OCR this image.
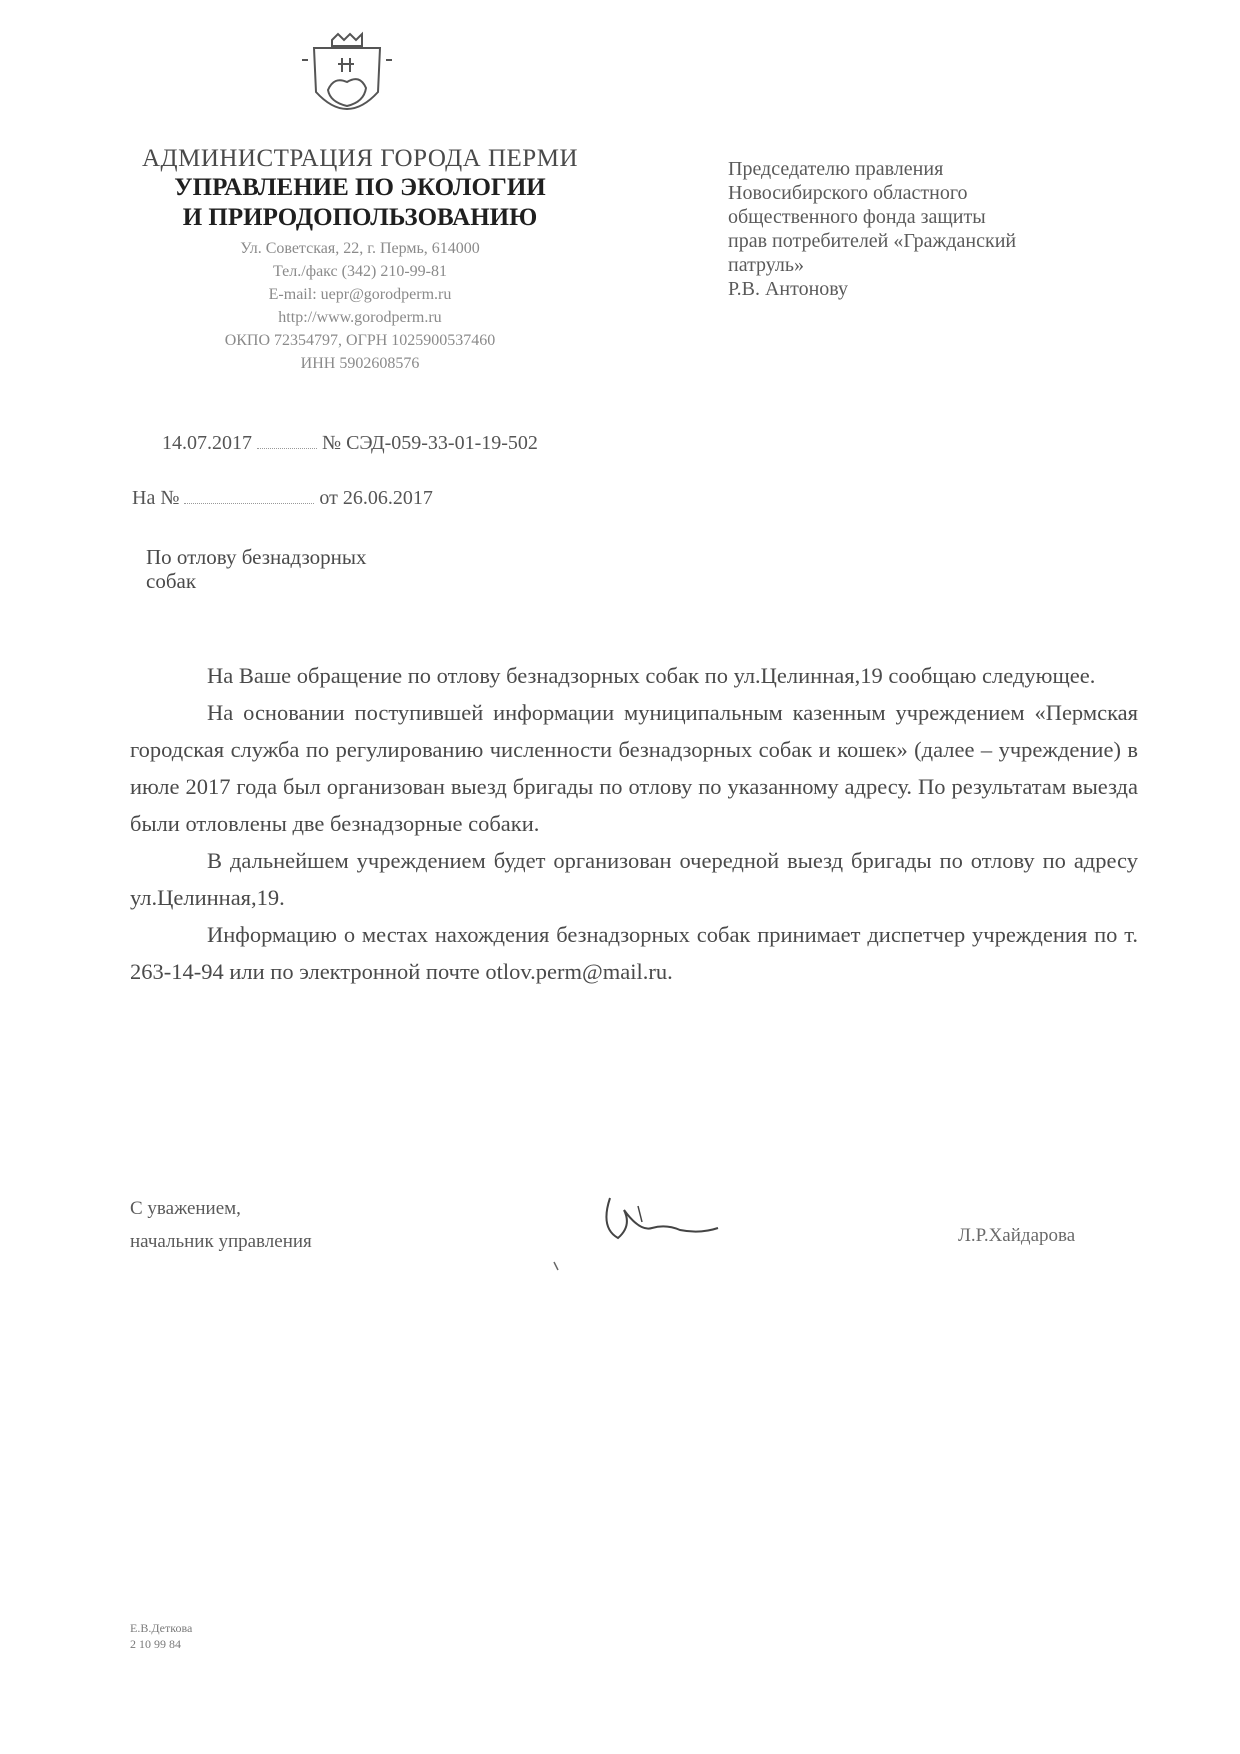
АДМИНИСТРАЦИЯ ГОРОДА ПЕРМИ
УПРАВЛЕНИЕ ПО ЭКОЛОГИИ
И ПРИРОДОПОЛЬЗОВАНИЮ
Ул. Советская, 22, г. Пермь, 614000
Тел./факс (342) 210-99-81
E-mail: uepr@gorodperm.ru
http://www.gorodperm.ru
ОКПО 72354797, ОГРН 1025900537460
ИНН 5902608576
Председателю правления
Новосибирского областного
общественного фонда защиты
прав потребителей «Гражданский
патруль»
Р.В. Антонову
14.07.2017	№ СЭД-059-33-01-19-502
На №	от 26.06.2017
По отлову безнадзорных
собак

На Ваше обращение по отлову безнадзорных собак по ул.Целинная,19 сообщаю следующее.

На основании поступившей информации муниципальным казенным учреждением «Пермская городская служба по регулированию численности безнадзорных собак и кошек» (далее – учреждение) в июле 2017 года был организован выезд бригады по отлову по указанному адресу. По результатам выезда были отловлены две безнадзорные собаки.

В дальнейшем учреждением будет организован очередной выезд бригады по отлову по адресу ул.Целинная,19.

Информацию о местах нахождения безнадзорных собак принимает диспетчер учреждения по т. 263-14-94 или по электронной почте otlov.perm@mail.ru.

С уважением,
начальник управления	Л.Р.Хайдарова
Е.В.Деткова
2 10 99 84
